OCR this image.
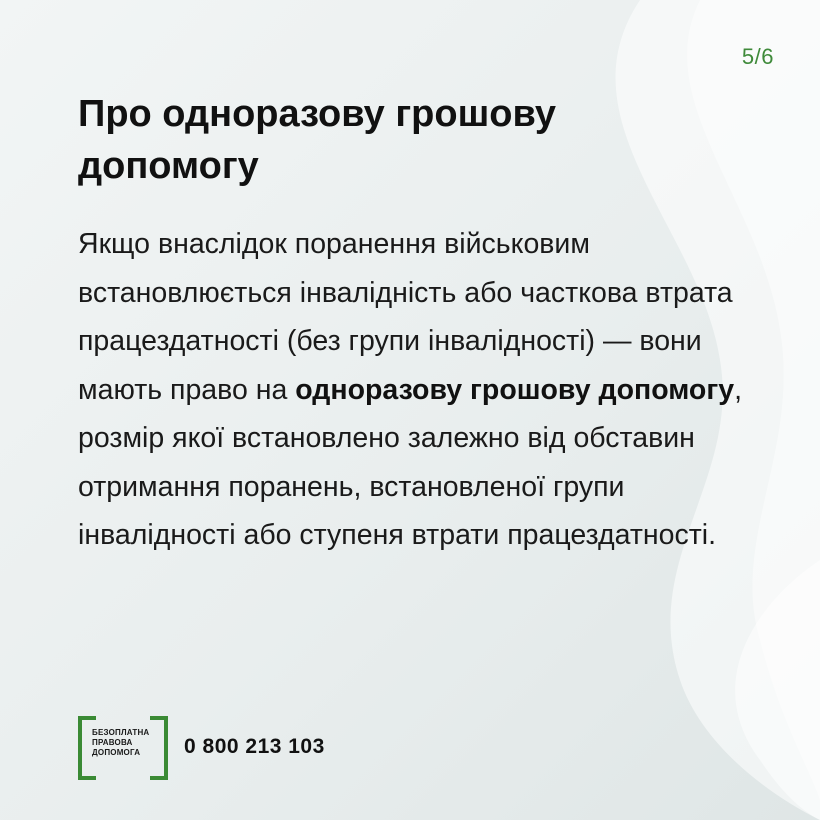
5/6
Про одноразову грошову допомогу
Якщо внаслідок поранення військовим встановлюється інвалідність або часткова втрата працездатності (без групи інвалідності) — вони мають право на одноразову грошову допомогу, розмір якої встановлено залежно від обставин отримання поранень, встановленої групи інвалідності або ступеня втрати працездатності.
БЕЗОПЛАТНА
ПРАВОВА
ДОПОМОГА	0 800 213 103
